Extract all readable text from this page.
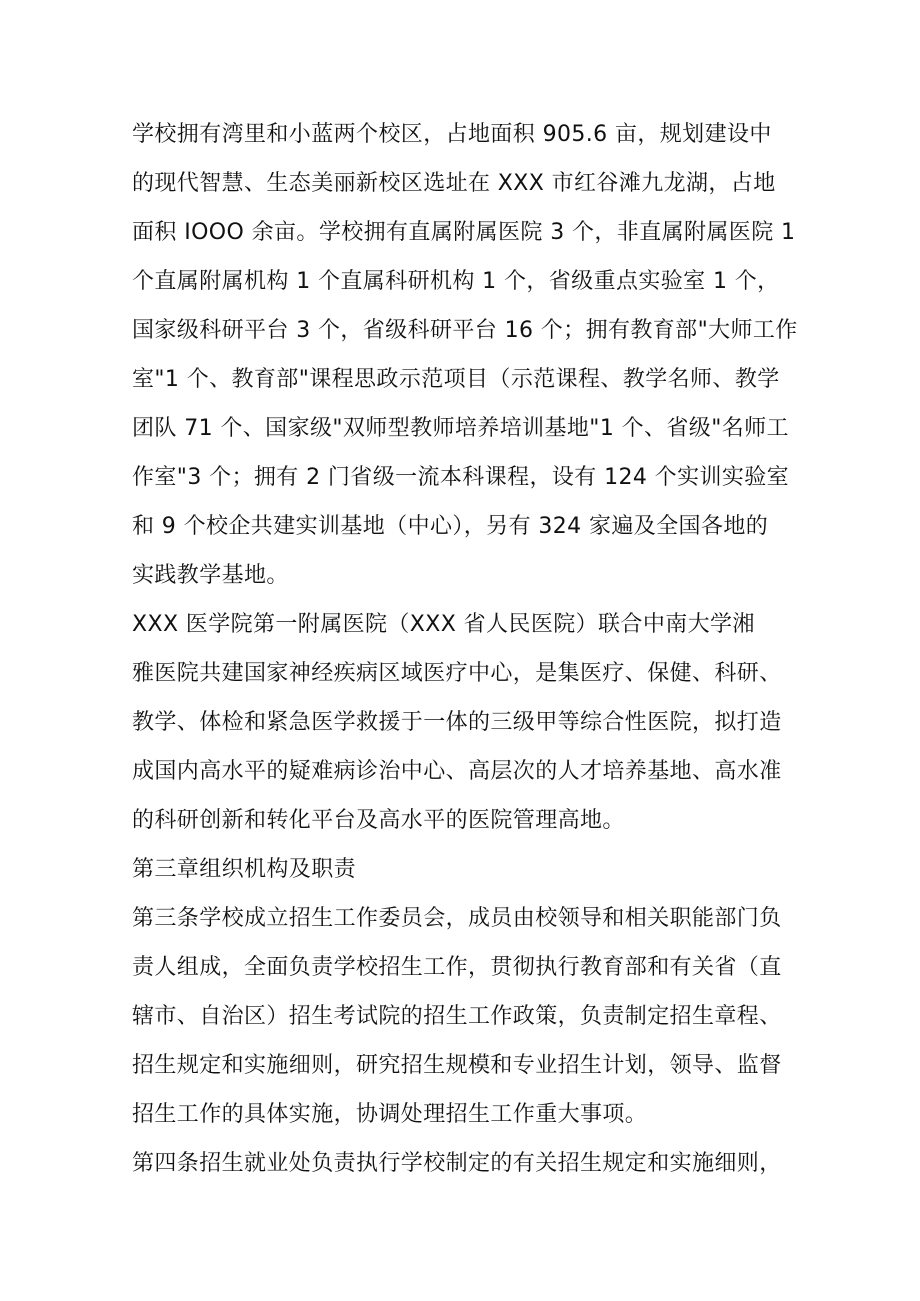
学校拥有湾里和小蓝两个校区，占地面积 905.6 亩，规划建设中
的现代智慧、生态美丽新校区选址在 XXX 市红谷滩九龙湖，占地
面积 IOOO 余亩。学校拥有直属附属医院 3 个，非直属附属医院 1
个直属附属机构 1 个直属科研机构 1 个，省级重点实验室 1 个，
国家级科研平台 3 个，省级科研平台 16 个；拥有教育部"大师工作
室"1 个、教育部"课程思政示范项目（示范课程、教学名师、教学
团队 71 个、国家级"双师型教师培养培训基地"1 个、省级"名师工
作室"3 个；拥有 2 门省级一流本科课程，设有 124 个实训实验室
和 9 个校企共建实训基地（中心），另有 324 家遍及全国各地的
实践教学基地。
XXX 医学院第一附属医院（XXX 省人民医院）联合中南大学湘
雅医院共建国家神经疾病区域医疗中心，是集医疗、保健、科研、
教学、体检和紧急医学救援于一体的三级甲等综合性医院，拟打造
成国内高水平的疑难病诊治中心、高层次的人才培养基地、高水准
的科研创新和转化平台及高水平的医院管理高地。
第三章组织机构及职责
第三条学校成立招生工作委员会，成员由校领导和相关职能部门负
责人组成，全面负责学校招生工作，贯彻执行教育部和有关省（直
辖市、自治区）招生考试院的招生工作政策，负责制定招生章程、
招生规定和实施细则，研究招生规模和专业招生计划，领导、监督
招生工作的具体实施，协调处理招生工作重大事项。
第四条招生就业处负责执行学校制定的有关招生规定和实施细则，
